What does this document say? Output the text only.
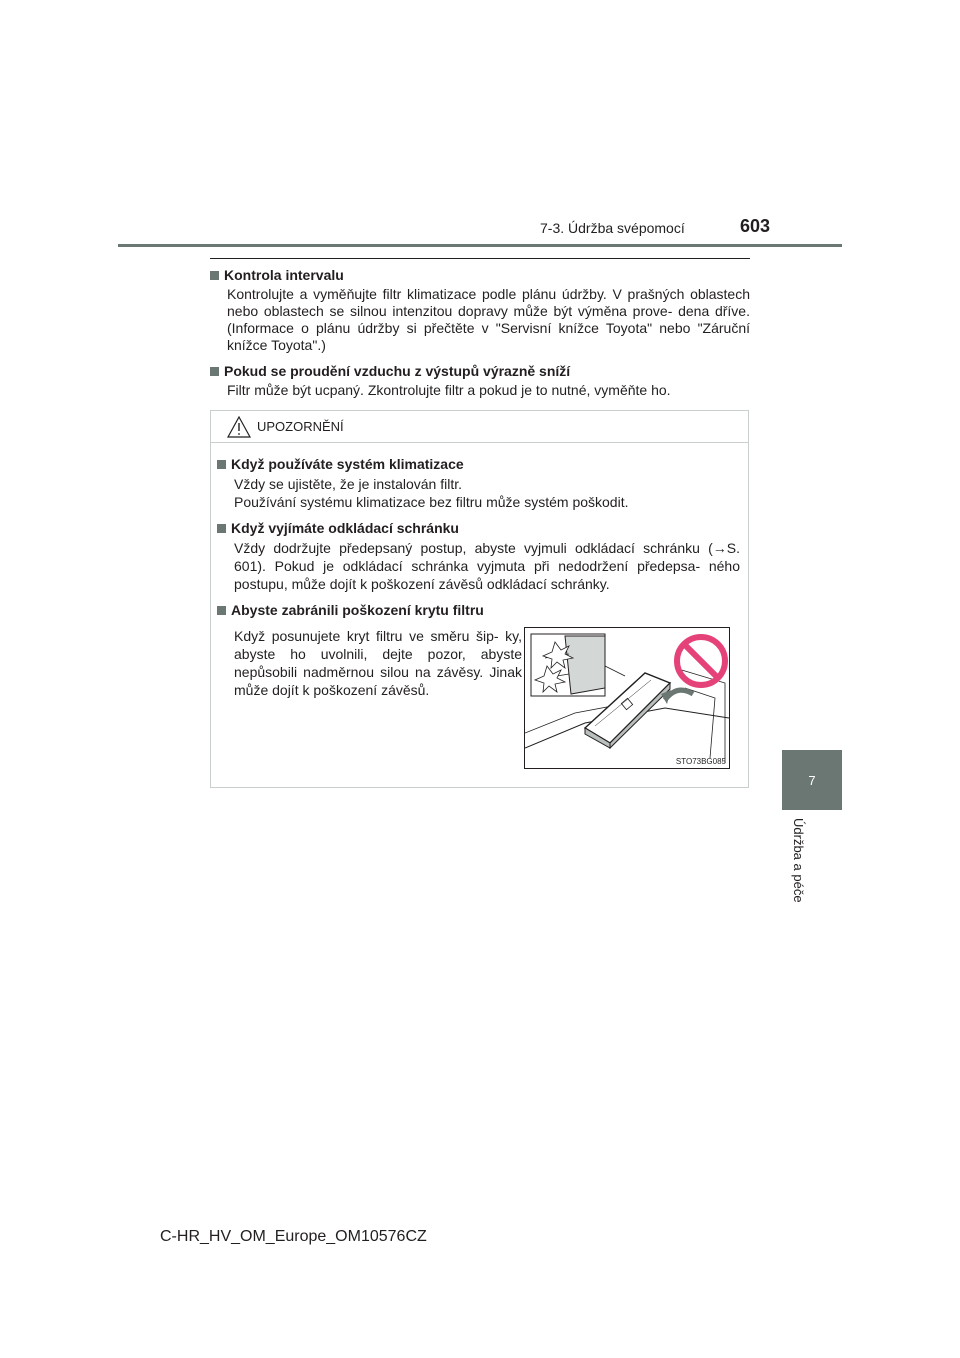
7-3. Údržba svépomocí	603
7
Údržba a péče
Kontrola intervalu
Kontrolujte a vyměňujte filtr klimatizace podle plánu údržby. V prašných oblastech nebo oblastech se silnou intenzitou dopravy může být výměna prove- dena dříve. (Informace o plánu údržby si přečtěte v "Servisní knížce Toyota" nebo "Záruční knížce Toyota".)
Pokud se proudění vzduchu z výstupů výrazně sníží
Filtr může být ucpaný. Zkontrolujte filtr a pokud je to nutné, vyměňte ho.
UPOZORNĚNÍ
Když používáte systém klimatizace
Vždy se ujistěte, že je instalován filtr.
Používání systému klimatizace bez filtru může systém poškodit.
Když vyjímáte odkládací schránku
Vždy dodržujte předepsaný postup, abyste vyjmuli odkládací schránku (→S. 601). Pokud je odkládací schránka vyjmuta při nedodržení předepsa- ného postupu, může dojít k poškození závěsů odkládací schránky.
Abyste zabránili poškození krytu filtru
Když posunujete kryt filtru ve směru šip- ky, abyste ho uvolnili, dejte pozor, abyste nepůsobili nadměrnou silou na závěsy. Jinak může dojít k poškození závěsů.
STO73BG085
C-HR_HV_OM_Europe_OM10576CZ
